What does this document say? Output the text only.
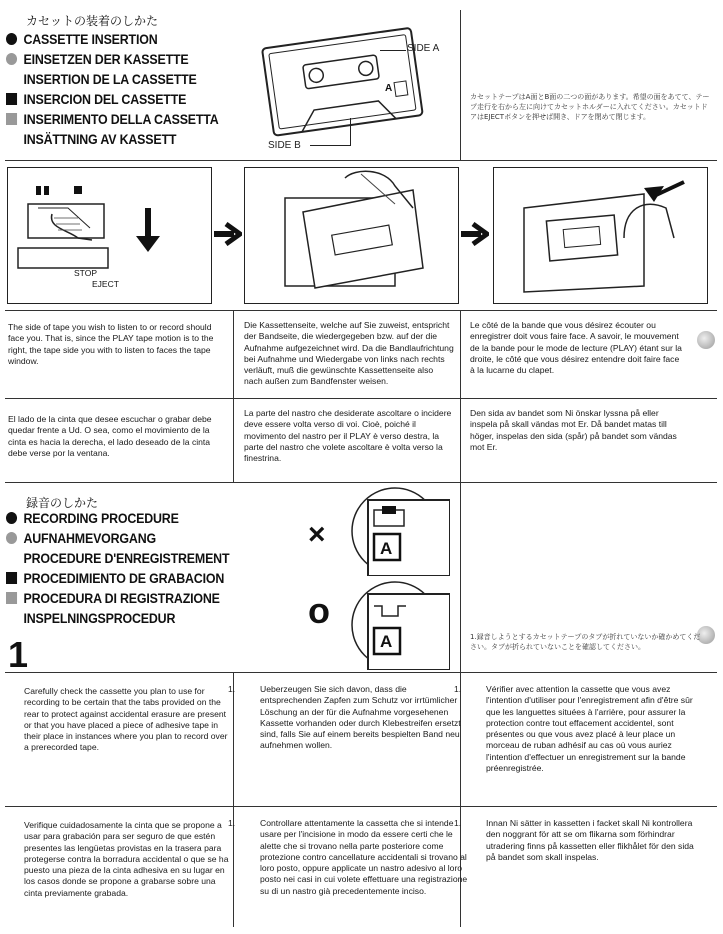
カセットの装着のしかた
CASSETTE INSERTION
EINSETZEN DER KASSETTE
INSERTION DE LA CASSETTE
INSERCION DEL CASSETTE
INSERIMENTO DELLA CASSETTA
INSÄTTNING AV KASSETT
SIDE A
SIDE B
A
カセットテープはA面とB面の二つの面があります。希望の面をあてて、テープ走行を右から左に向けてカセットホルダーに入れてください。カセットドアはEJECTボタンを押せば開き、ドアを閉めて閉じます。
STOP
EJECT
The side of tape you wish to listen to or record should face you. That is, since the PLAY tape motion is to the right, the tape side you with to listen to faces the tape window.
Die Kassettenseite, welche auf Sie zuweist, entspricht der Bandseite, die wiedergegeben bzw. auf der die Aufnahme aufgezeichnet wird. Da die Bandlaufrichtung bei Aufnahme und Wiedergabe von links nach rechts verläuft, muß die gewünschte Kassettenseite also nach außen zum Bandfenster weisen.
Le côté de la bande que vous désirez écouter ou enregistrer doit vous faire face. A savoir, le mouvement de la bande pour le mode de lecture (PLAY) étant sur la droite, le côté que vous désirez entendre doit faire face à la lucarne du clapet.
El lado de la cinta que desee escuchar o grabar debe quedar frente a Ud. O sea, como el movimiento de la cinta es hacia la derecha, el lado deseado de la cinta debe verse por la ventana.
La parte del nastro che desiderate ascoltare o incidere deve essere volta verso di voi. Cioè, poiché il movimento del nastro per il PLAY è verso destra, la parte del nastro che volete ascoltare è volta verso la finestrina.
Den sida av bandet som Ni önskar lyssna på eller inspela på skall vändas mot Er. Då bandet matas till höger, inspelas den sida (spår) på bandet som vändas mot Er.
録音のしかた
RECORDING PROCEDURE
AUFNAHMEVORGANG
PROCEDURE D'ENREGISTREMENT
PROCEDIMIENTO DE GRABACION
PROCEDURA DI REGISTRAZIONE
INSPELNINGSPROCEDUR
1
×
o
A
A	1.録音しようとするカセットテープのタブが折れていないか確かめてください。タブが折られていないことを確認してください。
Carefully check the cassette you plan to use for recording to be certain that the tabs provided on the rear to protect against accidental erasure are present or that you have placed a piece of adhesive tape in their place in instances where you plan to record over a prerecorded tape.
1.	Ueberzeugen Sie sich davon, dass die entsprechenden Zapfen zum Schutz vor irrtümlicher Löschung an der für die Aufnahme vorgesehenen Kassette vorhanden oder durch Klebestreifen ersetzt sind, falls Sie auf einem bereits bespielten Band neu aufnehmen wollen.
1.	Vérifier avec attention la cassette que vous avez l'intention d'utiliser pour l'enregistrement afin d'être sûr que les languettes situées à l'arrière, pour assurer la protection contre tout effacement accidentel, sont présentes ou que vous avez placé à leur place un morceau de ruban adhésif au cas où vous auriez l'intention d'effectuer un enregistrement sur la bande préenregistrée.
Verifique cuidadosamente la cinta que se propone a usar para grabación para ser seguro de que estén presentes las lengüetas provistas en la trasera para protegerse contra la borradura accidental o que se ha puesto una pieza de la cinta adhesiva en su lugar en los casos donde se propone a grabarse sobre una cinta previamente grabada.
1.	Controllare attentamente la cassetta che si intende usare per l'incisione in modo da essere certi che le alette che si trovano nella parte posteriore come protezione contro cancellature accidentali si trovano al loro posto, oppure applicate un nastro adesivo al loro posto nei casi in cui volete effettuare una registrazione su di un nastro già precedentemente inciso.
1.	Innan Ni sätter in kassetten i facket skall Ni kontrollera den noggrant för att se om flikarna som förhindrar utradering finns på kassetten eller flikhålet för den sida på bandet som skall inspelas.
